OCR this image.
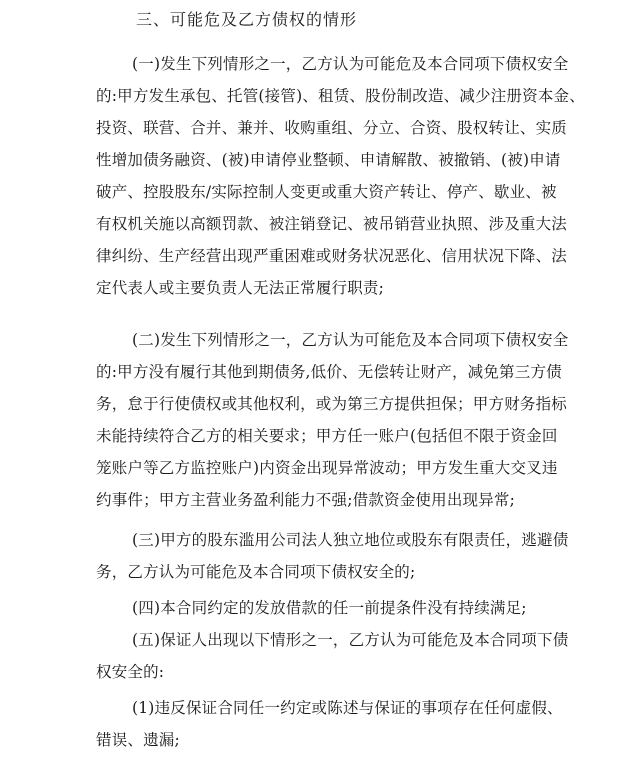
三、可能危及乙方债权的情形
(一)发生下列情形之一，乙方认为可能危及本合同项下债权安全
的:甲方发生承包、托管(接管)、租赁、股份制改造、减少注册资本金、
投资、联营、合并、兼并、收购重组、分立、合资、股权转让、实质
性增加债务融资、(被)申请停业整顿、申请解散、被撤销、(被)申请
破产、控股股东/实际控制人变更或重大资产转让、停产、歇业、被
有权机关施以高额罚款、被注销登记、被吊销营业执照、涉及重大法
律纠纷、生产经营出现严重困难或财务状况恶化、信用状况下降、法
定代表人或主要负责人无法正常履行职责;
(二)发生下列情形之一，乙方认为可能危及本合同项下债权安全
的:甲方没有履行其他到期债务,低价、无偿转让财产，减免第三方债
务，怠于行使债权或其他权利，或为第三方提供担保；甲方财务指标
未能持续符合乙方的相关要求；甲方任一账户(包括但不限于资金回
笼账户等乙方监控账户)内资金出现异常波动；甲方发生重大交叉违
约事件；甲方主营业务盈利能力不强;借款资金使用出现异常;
(三)甲方的股东滥用公司法人独立地位或股东有限责任，逃避债
务，乙方认为可能危及本合同项下债权安全的;
(四)本合同约定的发放借款的任一前提条件没有持续满足;
(五)保证人出现以下情形之一，乙方认为可能危及本合同项下债
权安全的:
(1)违反保证合同任一约定或陈述与保证的事项存在任何虚假、
错误、遗漏;
